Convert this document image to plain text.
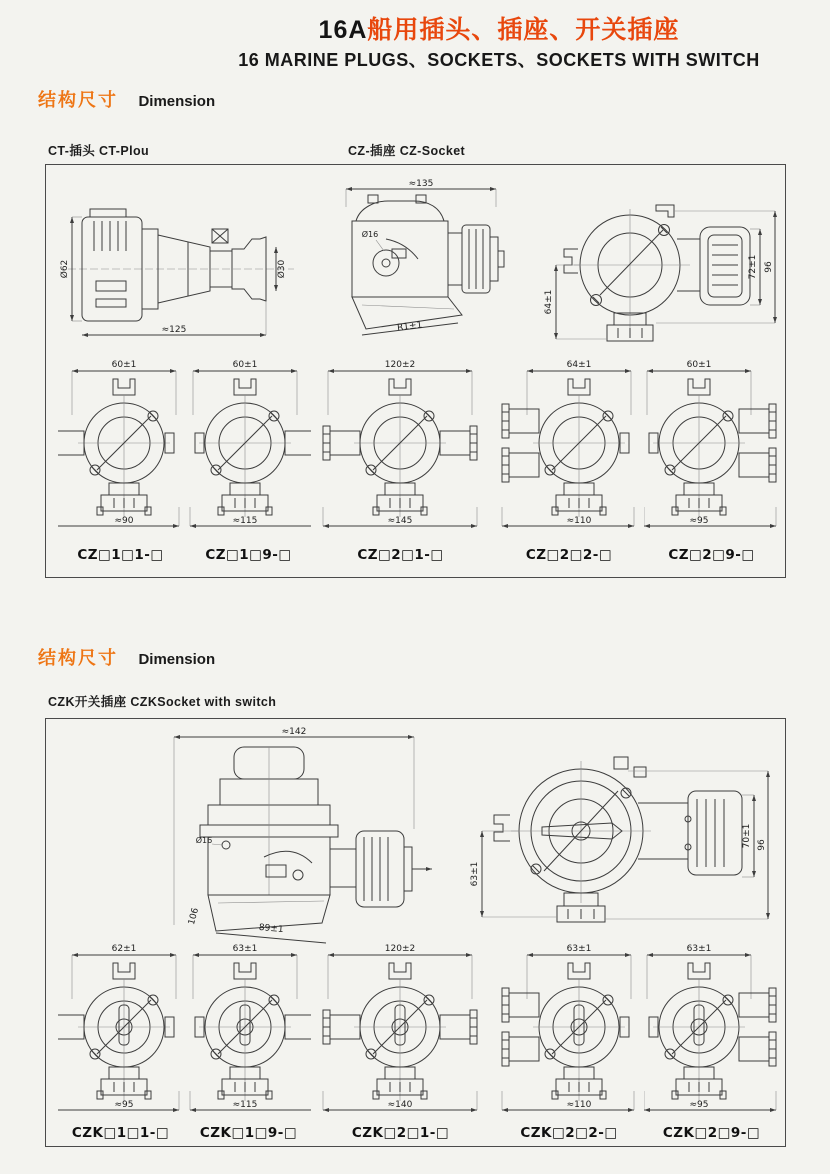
16A船用插头、插座、开关插座
16 MARINE PLUGS、SOCKETS、SOCKETS WITH SWITCH
结构尺寸 Dimension
CT-插头 CT-Plou	CZ-插座 CZ-Socket
Ø62
≈125
Ø30
≈135
Ø16
R1±1
72±1 96
64±1
60±1
≈90
60±1
≈115
120±2
≈145
64±1
≈110
60±1
≈95
CZ□1□1-□	CZ□1□9-□	CZ□2□1-□	CZ□2□2-□	CZ□2□9-□
结构尺寸 Dimension
CZK开关插座 CZKSocket with switch
≈142
Ø16
89±1
106
70±1 96
63±1
62±1
≈95
63±1
≈115
120±2
≈140
63±1
≈110
63±1
≈95
CZK□1□1-□	CZK□1□9-□	CZK□2□1-□	CZK□2□2-□	CZK□2□9-□
